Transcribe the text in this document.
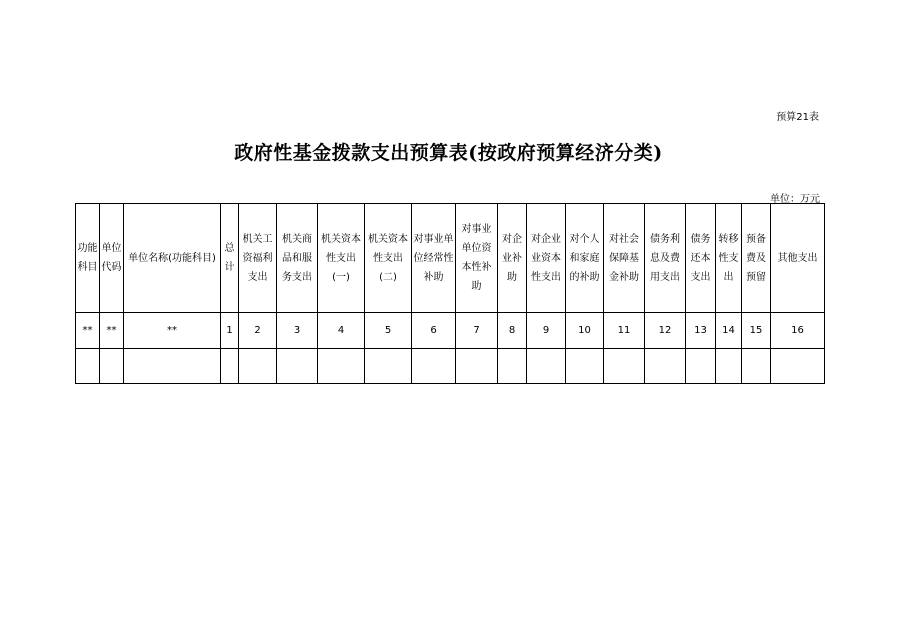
预算21表
政府性基金拨款支出预算表(按政府预算经济分类)
单位：万元
功能科目	单位代码	单位名称(功能科目)	总计	机关工资福利支出	机关商品和服务支出	机关资本性支出(一)	机关资本性支出(二)	对事业单位经常性补助	对事业单位资本性补助	对企业补助	对企业业资本性支出	对个人和家庭的补助	对社会保障基金补助	债务利息及费用支出	债务还本支出	转移性支出	预备费及预留	其他支出
**	**	**	1	2	3	4	5	6	7	8	9	10	11	12	13	14	15	16
